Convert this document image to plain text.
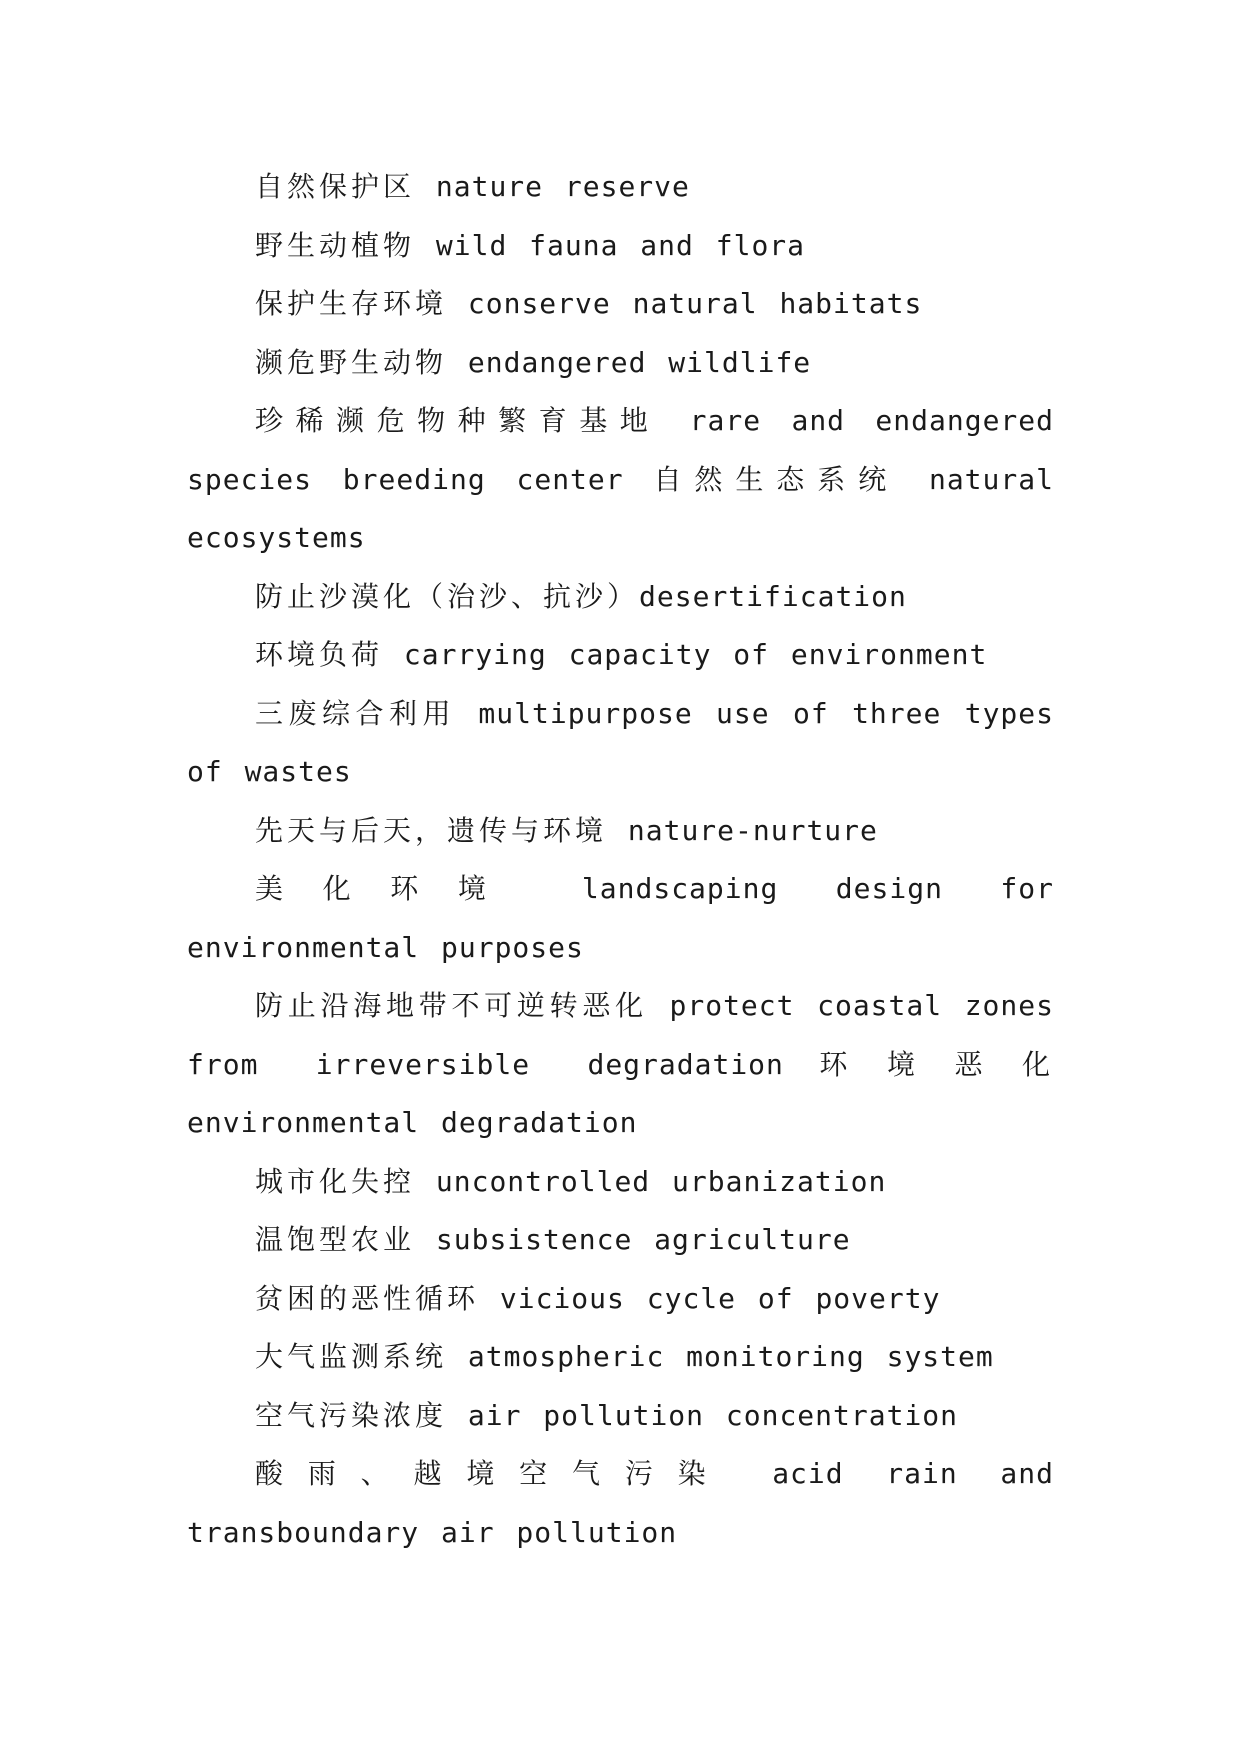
自然保护区 nature reserve

野生动植物 wild fauna and flora

保护生存环境 conserve natural habitats

濒危野生动物 endangered wildlife

珍稀濒危物种繁育基地 rare and endangered species breeding center 自然生态系统 natural ecosystems

防止沙漠化（治沙、抗沙）desertification

环境负荷 carrying capacity of environment

三废综合利用 multipurpose use of three types of wastes

先天与后天，遗传与环境 nature-nurture

美化环境 landscaping design for environmental purposes

防止沿海地带不可逆转恶化 protect coastal zones from irreversible degradation环境恶化 environmental degradation

城市化失控 uncontrolled urbanization

温饱型农业 subsistence agriculture

贫困的恶性循环 vicious cycle of poverty

大气监测系统 atmospheric monitoring system

空气污染浓度 air pollution concentration

酸雨、越境空气污染 acid rain and transboundary air pollution
